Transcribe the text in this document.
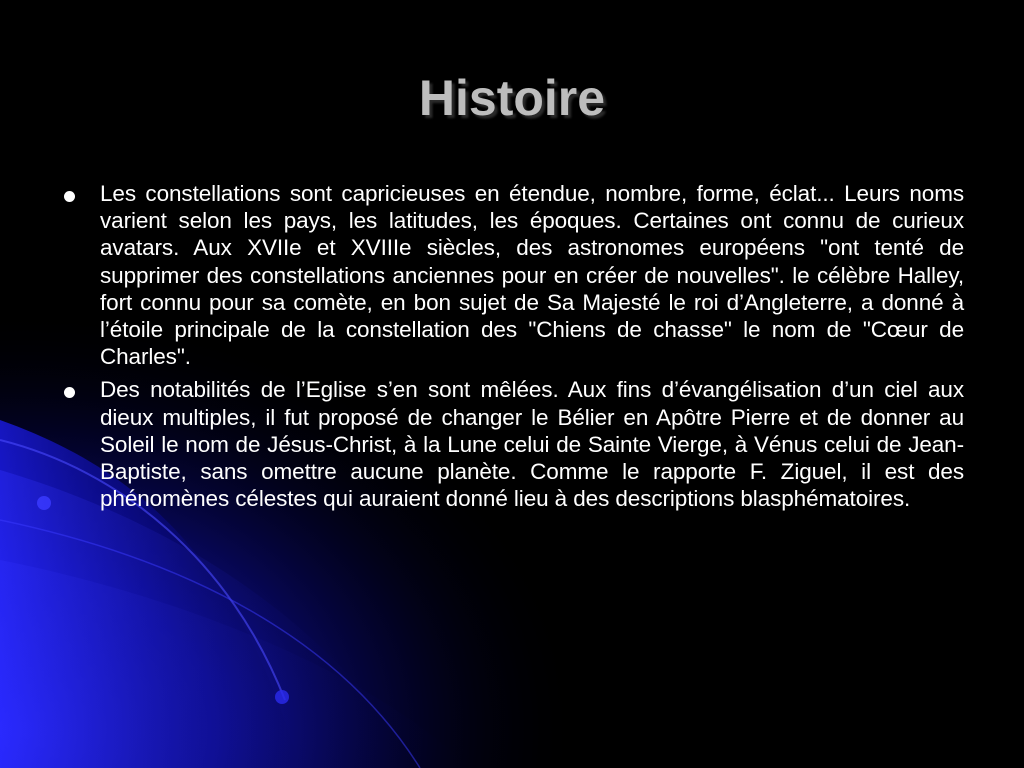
Histoire
Les constellations sont capricieuses en étendue, nombre, forme, éclat... Leurs noms varient selon les pays, les latitudes, les époques. Certaines ont connu de curieux avatars. Aux XVIIe et XVIIIe siècles, des astronomes européens "ont tenté de supprimer des constellations anciennes pour en créer de nouvelles". le célèbre Halley, fort connu pour sa comète, en bon sujet de Sa Majesté le roi d’Angleterre, a donné à l’étoile principale de la constellation des "Chiens de chasse" le nom de "Cœur de Charles".
Des notabilités de l’Eglise s’en sont mêlées. Aux fins d’évangélisation d’un ciel aux dieux multiples, il fut proposé de changer le Bélier en Apôtre Pierre et de donner au Soleil le nom de Jésus-Christ, à la Lune celui de Sainte Vierge, à Vénus celui de Jean-Baptiste, sans omettre aucune planète. Comme le rapporte F. Ziguel, il est des phénomènes célestes qui auraient donné lieu à des descriptions blasphématoires.
